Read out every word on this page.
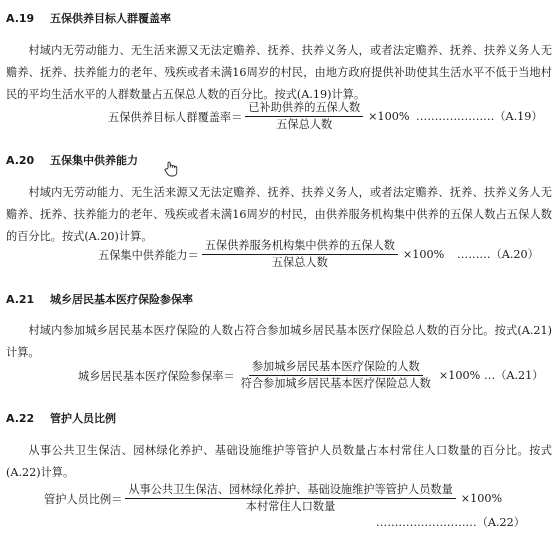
A.19 五保供养目标人群覆盖率
村域内无劳动能力、无生活来源又无法定赡养、抚养、扶养义务人，或者法定赡养、抚养、扶养义务人无赡养、抚养、扶养能力的老年、残疾或者未满16周岁的村民，由地方政府提供补助使其生活水平不低于当地村民的平均生活水平的人群数量占五保总人数的百分比。按式(A.19)计算。
五保供养目标人群覆盖率＝ $\frac{\text{已补助供养的五保人数}}{\text{五保总人数}} \times 100\%$ …………………（A.19）
A.20 五保集中供养能力
村域内无劳动能力、无生活来源又无法定赡养、抚养、扶养义务人，或者法定赡养、抚养、扶养义务人无赡养、抚养、扶养能力的老年、残疾或者未满16周岁的村民，由供养服务机构集中供养的五保人数占五保人数的百分比。按式(A.20)计算。
五保集中供养能力＝ $\frac{\text{五保供养服务机构集中供养的五保人数}}{\text{五保总人数}} \times 100\%$ ………（A.20）
A.21 城乡居民基本医疗保险参保率
村域内参加城乡居民基本医疗保险的人数占符合参加城乡居民基本医疗保险总人数的百分比。按式(A.21)计算。
城乡居民基本医疗保险参保率＝ $\frac{\text{参加城乡居民基本医疗保险的人数}}{\text{符合参加城乡居民基本医疗保险总人数}} \times 100\%$ …（A.21）
A.22 管护人员比例
从事公共卫生保洁、园林绿化养护、基础设施维护等管护人员数量占本村常住人口数量的百分比。按式(A.22)计算。
管护人员比例＝ $\frac{\text{从事公共卫生保洁、园林绿化养护、基础设施维护等管护人员数量}}{\text{本村常住人口数量}} \times 100\%$
………………………（A.22）
